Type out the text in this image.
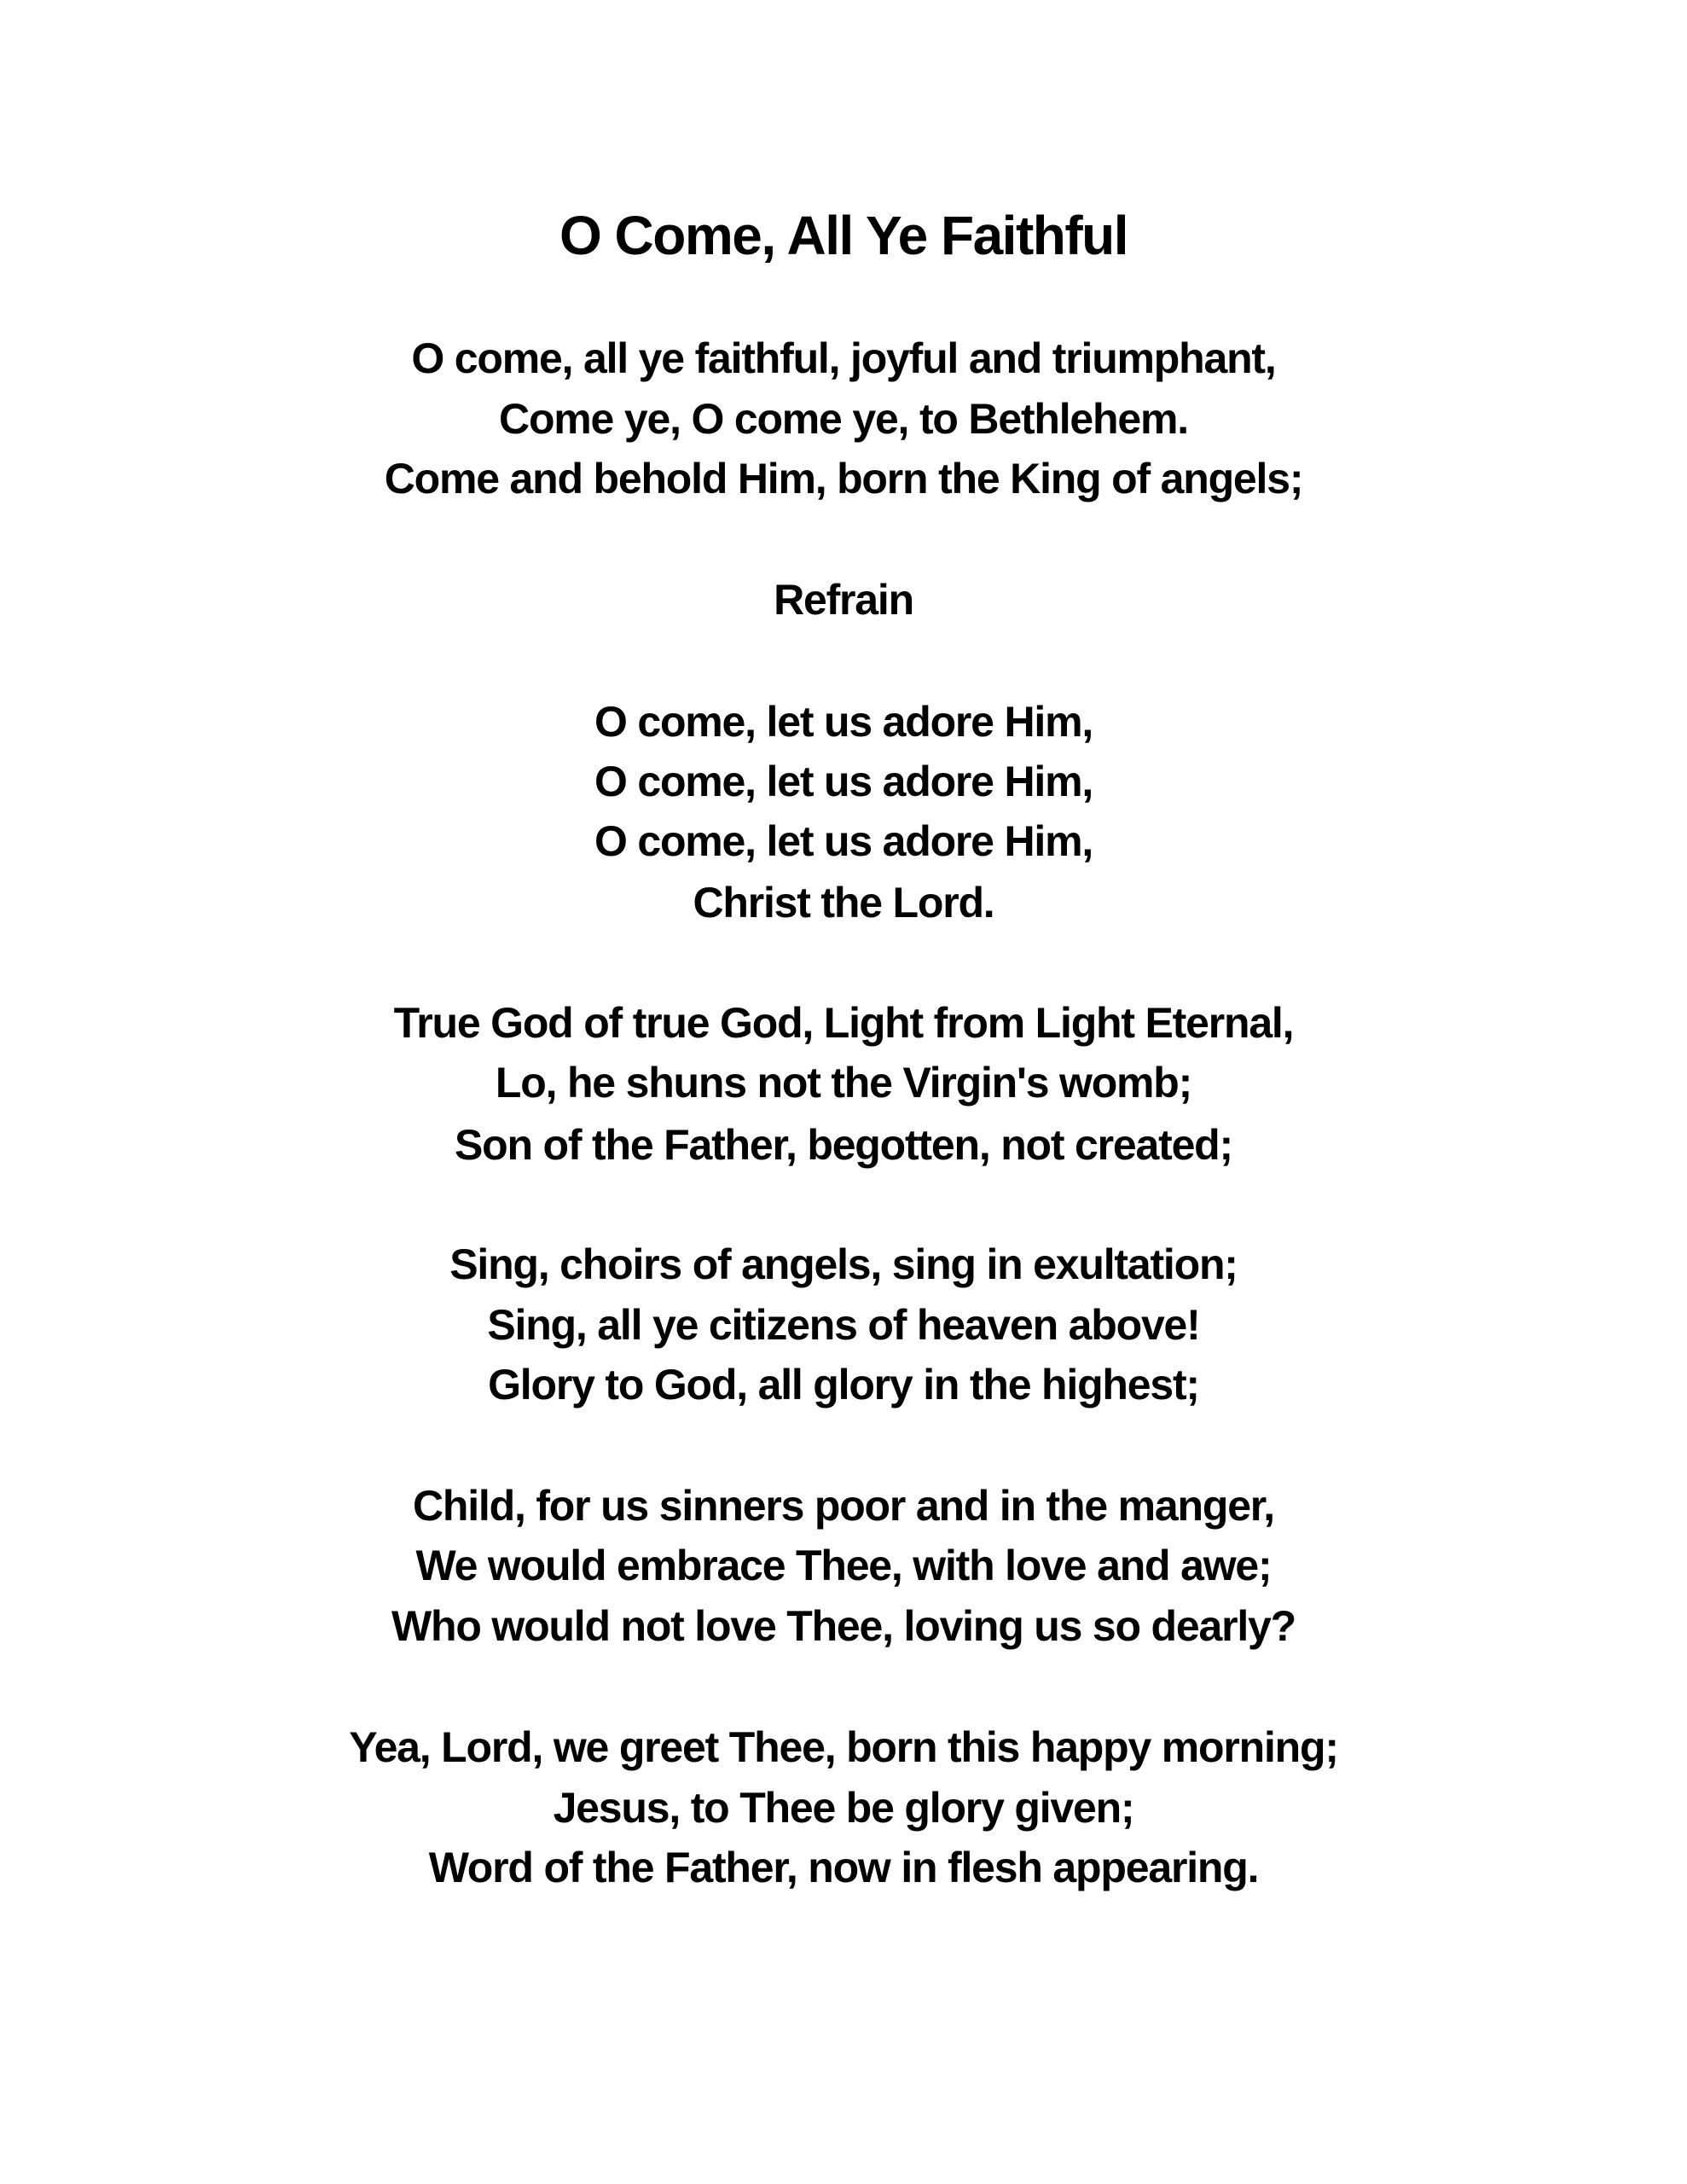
O Come, All Ye Faithful
O come, all ye faithful, joyful and triumphant,
Come ye, O come ye, to Bethlehem.
Come and behold Him, born the King of angels;
Refrain
O come, let us adore Him,
O come, let us adore Him,
O come, let us adore Him,
Christ the Lord.
True God of true God, Light from Light Eternal,
Lo, he shuns not the Virgin's womb;
Son of the Father, begotten, not created;
Sing, choirs of angels, sing in exultation;
Sing, all ye citizens of heaven above!
Glory to God, all glory in the highest;
Child, for us sinners poor and in the manger,
We would embrace Thee, with love and awe;
Who would not love Thee, loving us so dearly?
Yea, Lord, we greet Thee, born this happy morning;
Jesus, to Thee be glory given;
Word of the Father, now in flesh appearing.
